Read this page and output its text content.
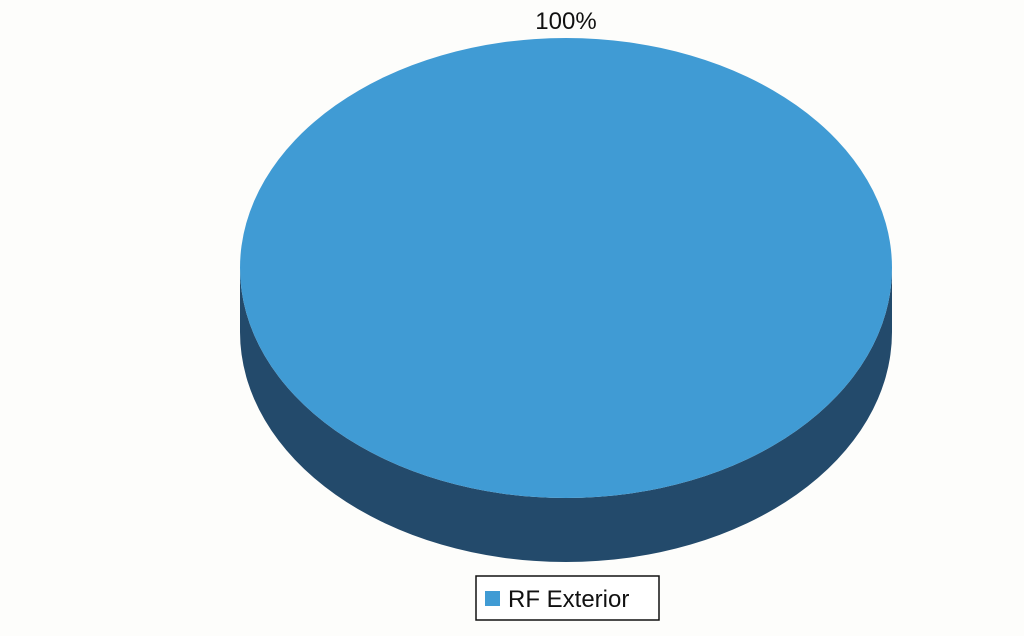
100%
RF Exterior
